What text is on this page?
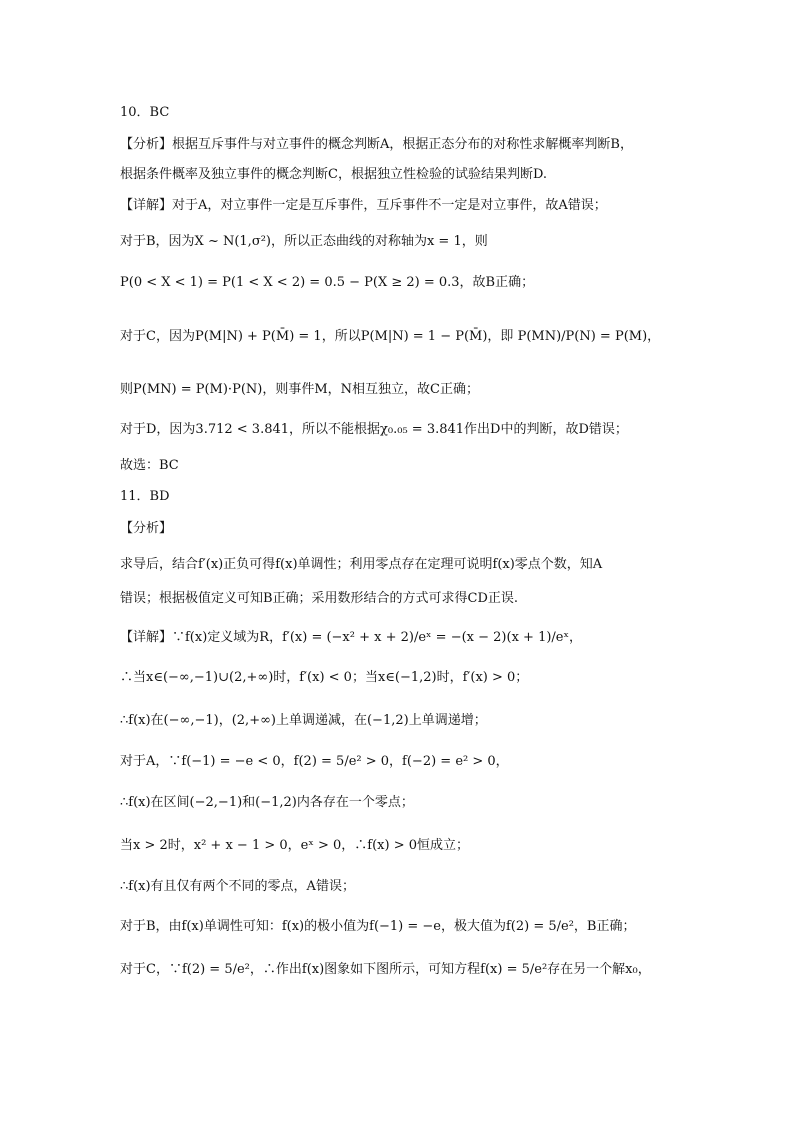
10．BC
【分析】根据互斥事件与对立事件的概念判断A，根据正态分布的对称性求解概率判断B，
根据条件概率及独立事件的概念判断C，根据独立性检验的试验结果判断D.
【详解】对于A，对立事件一定是互斥事件，互斥事件不一定是对立事件，故A错误；
对于B，因为X ~ N(1,σ²)，所以正态曲线的对称轴为x = 1，则
P(0 < X < 1) = P(1 < X < 2) = 0.5 − P(X ≥ 2) = 0.3，故B正确；
对于C，因为P(M|N) + P(M̄) = 1，所以P(M|N) = 1 − P(M̄)，即 P(MN)/P(N) = P(M)，
则P(MN) = P(M)·P(N)，则事件M，N相互独立，故C正确；
对于D，因为3.712 < 3.841，所以不能根据χ₀.₀₅ = 3.841作出D中的判断，故D错误；
故选：BC
11．BD
【分析】
求导后，结合f′(x)正负可得f(x)单调性；利用零点存在定理可说明f(x)零点个数，知A
错误；根据极值定义可知B正确；采用数形结合的方式可求得CD正误.
【详解】∵f(x)定义域为R，f′(x) = (−x² + x + 2)/eˣ = −(x − 2)(x + 1)/eˣ，
∴当x∈(−∞,−1)∪(2,+∞)时，f′(x) < 0；当x∈(−1,2)时，f′(x) > 0；
∴f(x)在(−∞,−1)，(2,+∞)上单调递减，在(−1,2)上单调递增；
对于A，∵f(−1) = −e < 0，f(2) = 5/e² > 0，f(−2) = e² > 0，
∴f(x)在区间(−2,−1)和(−1,2)内各存在一个零点；
当x > 2时，x² + x − 1 > 0，eˣ > 0，∴f(x) > 0恒成立；
∴f(x)有且仅有两个不同的零点，A错误；
对于B，由f(x)单调性可知：f(x)的极小值为f(−1) = −e，极大值为f(2) = 5/e²，B正确；
对于C，∵f(2) = 5/e²，∴作出f(x)图象如下图所示，可知方程f(x) = 5/e²存在另一个解x₀，
